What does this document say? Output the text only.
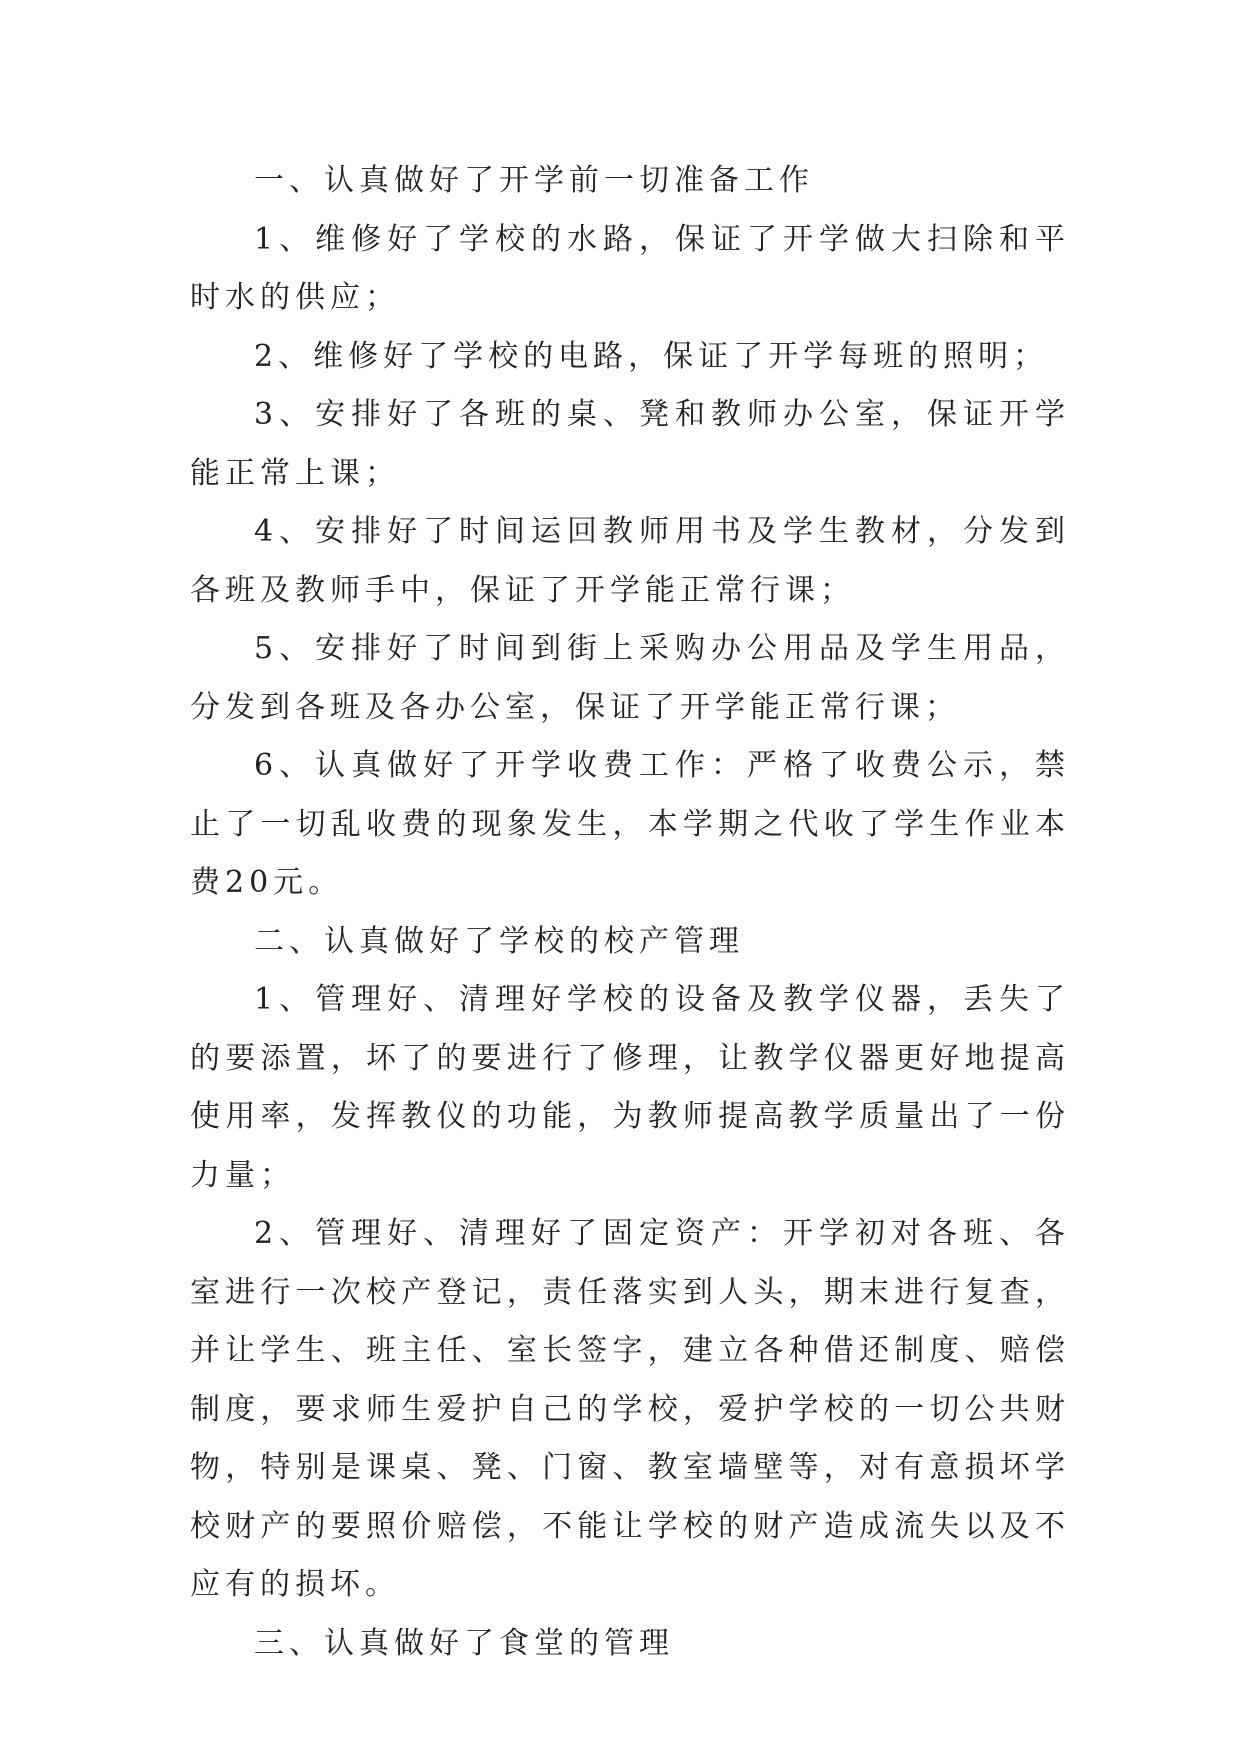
一、认真做好了开学前一切准备工作

1、维修好了学校的水路，保证了开学做大扫除和平时水的供应；

2、维修好了学校的电路，保证了开学每班的照明；

3、安排好了各班的桌、凳和教师办公室，保证开学能正常上课；

4、安排好了时间运回教师用书及学生教材，分发到各班及教师手中，保证了开学能正常行课；

5、安排好了时间到街上采购办公用品及学生用品，分发到各班及各办公室，保证了开学能正常行课；

6、认真做好了开学收费工作：严格了收费公示，禁止了一切乱收费的现象发生，本学期之代收了学生作业本费20元。

二、认真做好了学校的校产管理

1、管理好、清理好学校的设备及教学仪器，丢失了的要添置，坏了的要进行了修理，让教学仪器更好地提高使用率，发挥教仪的功能，为教师提高教学质量出了一份力量；

2、管理好、清理好了固定资产：开学初对各班、各室进行一次校产登记，责任落实到人头，期末进行复查，并让学生、班主任、室长签字，建立各种借还制度、赔偿制度，要求师生爱护自己的学校，爱护学校的一切公共财物，特别是课桌、凳、门窗、教室墙壁等，对有意损坏学校财产的要照价赔偿，不能让学校的财产造成流失以及不应有的损坏。

三、认真做好了食堂的管理
